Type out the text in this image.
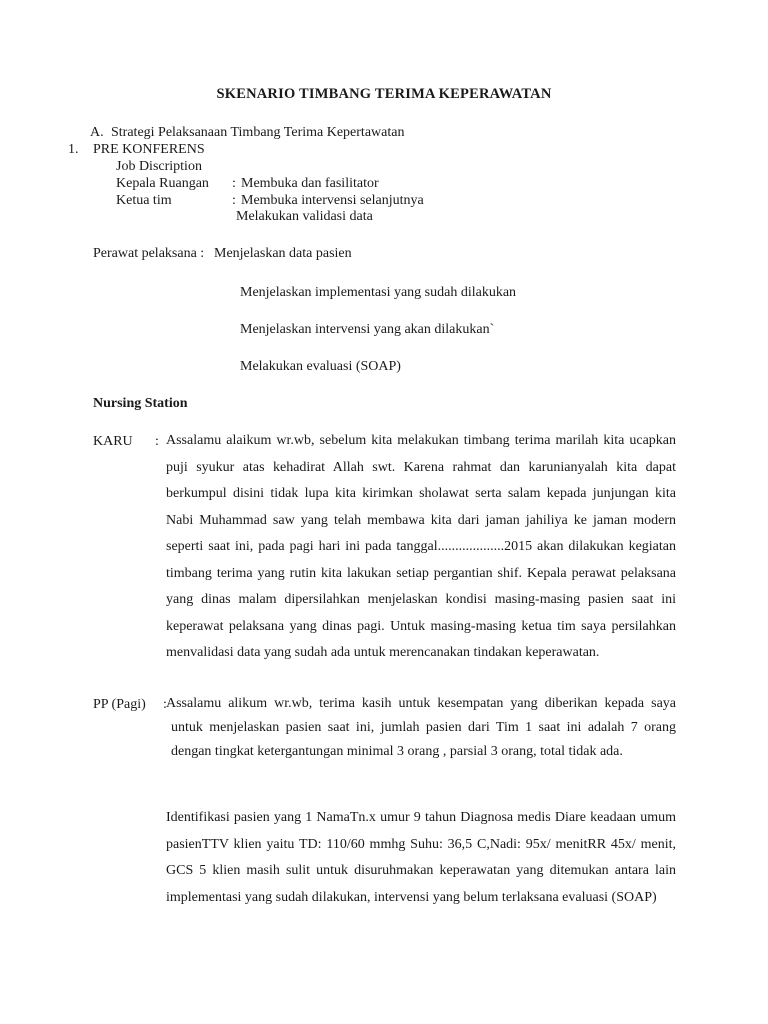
SKENARIO TIMBANG TERIMA KEPERAWATAN
A. Strategi Pelaksanaan Timbang Terima Kepertawatan
1. PRE KONFERENS
Job Discription
Kepala Ruangan : Membuka dan fasilitator
Ketua tim	: Membuka intervensi selanjutnya
Melakukan validasi data
Perawat pelaksana : Menjelaskan data pasien
Menjelaskan implementasi yang sudah dilakukan
Menjelaskan intervensi yang akan dilakukan`
Melakukan evaluasi (SOAP)
Nursing Station
KARU : Assalamu alaikum wr.wb, sebelum kita melakukan timbang terima marilah kita ucapkan puji syukur atas kehadirat Allah swt. Karena rahmat dan karunianyalah kita dapat berkumpul disini tidak lupa kita kirimkan sholawat serta salam kepada junjungan kita Nabi Muhammad saw yang telah membawa kita dari jaman jahiliya ke jaman modern seperti saat ini, pada pagi hari ini pada tanggal...................2015 akan dilakukan kegiatan timbang terima yang rutin kita lakukan setiap pergantian shif. Kepala perawat pelaksana yang dinas malam dipersilahkan menjelaskan kondisi masing-masing pasien saat ini keperawat pelaksana yang dinas pagi. Untuk masing-masing ketua tim saya persilahkan menvalidasi data yang sudah ada untuk merencanakan tindakan keperawatan.
PP (Pagi) : Assalamu alikum wr.wb, terima kasih untuk kesempatan yang diberikan kepada saya untuk menjelaskan pasien saat ini, jumlah pasien dari Tim 1 saat ini adalah 7 orang dengan tingkat ketergantungan minimal 3 orang , parsial 3 orang, total tidak ada.
Identifikasi pasien yang 1 NamaTn.x umur 9 tahun Diagnosa medis Diare keadaan umum pasienTTV klien yaitu TD: 110/60 mmhg Suhu: 36,5 C,Nadi: 95x/ menitRR 45x/ menit, GCS 5 klien masih sulit untuk disuruhmakan keperawatan yang ditemukan antara lain implementasi yang sudah dilakukan, intervensi yang belum terlaksana evaluasi (SOAP)
